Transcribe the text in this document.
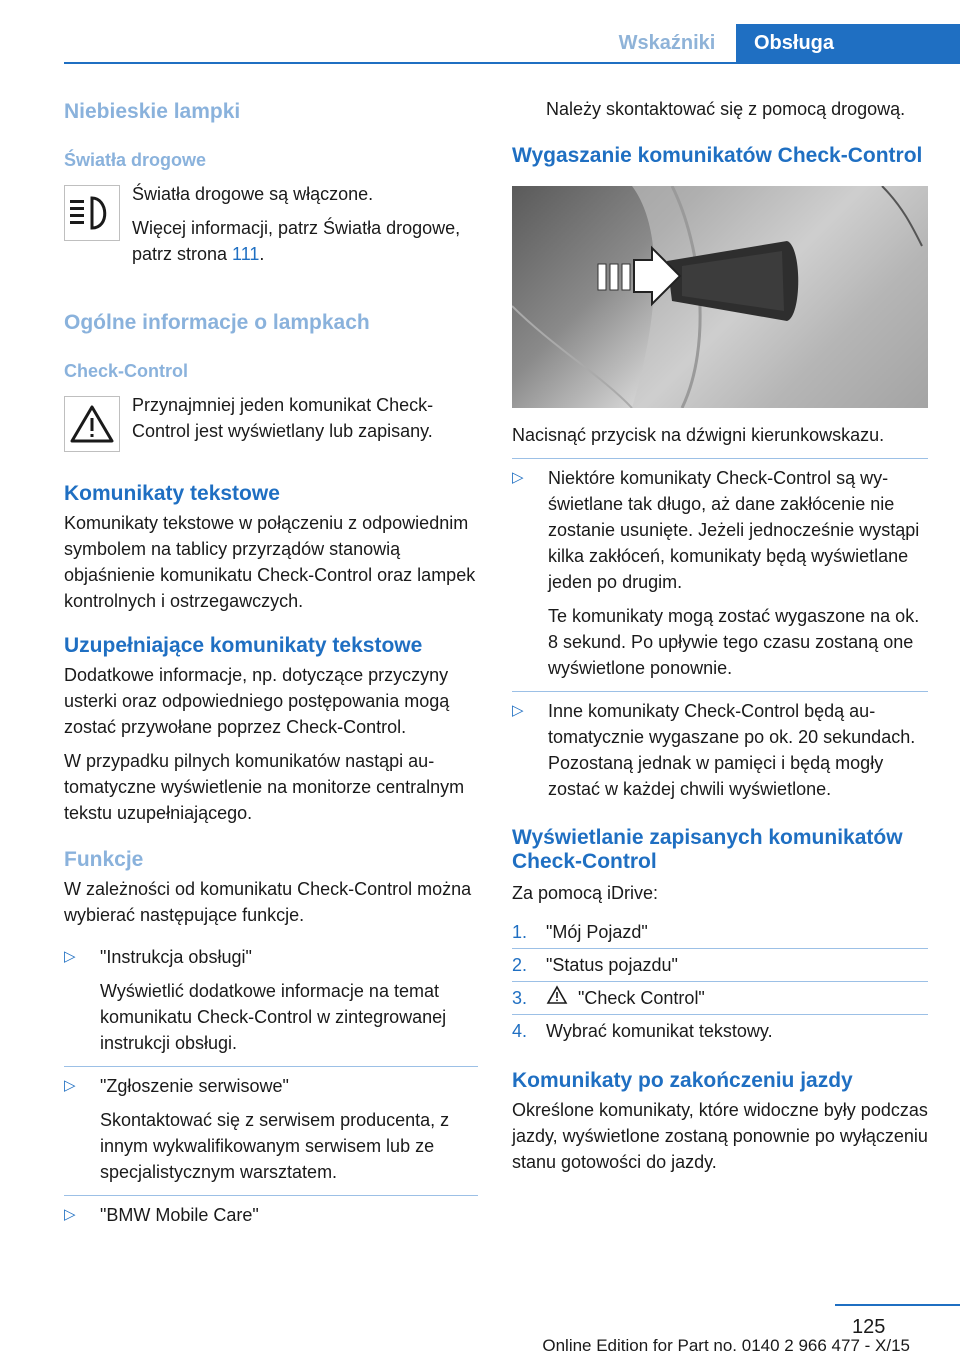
Wskaźniki	Obsługa
Niebieskie lampki
Światła drogowe

Światła drogowe są włączone.

Więcej informacji, patrz Światła drogowe, patrz strona 111.

Ogólne informacje o lampkach
Check-Control

Przynajmniej jeden komunikat Check-Control jest wyświetlany lub zapisany.

Komunikaty tekstowe

Komunikaty tekstowe w połączeniu z odpowiednim symbolem na tablicy przyrządów stanowią objaśnienie komunikatu Check-Control oraz lampek kontrolnych i ostrzegawczych.

Uzupełniające komunikaty tekstowe

Dodatkowe informacje, np. dotyczące przyczyny usterki oraz odpowiedniego postępowania mogą zostać przywołane poprzez Check-Control.

W przypadku pilnych komunikatów nastąpi automatyczne wyświetlenie na monitorze centralnym tekstu uzupełniającego.

Funkcje

W zależności od komunikatu Check-Control można wybierać następujące funkcje.

▷	"Instrukcja obsługi"

Wyświetlić dodatkowe informacje na temat komunikatu Check-Control w zintegrowanej instrukcji obsługi.

▷	"Zgłoszenie serwisowe"

Skontaktować się z serwisem producenta, z innym wykwalifikowanym serwisem lub ze specjalistycznym warsztatem.

▷	"BMW Mobile Care"

Należy skontaktować się z pomocą drogową.

Wygaszanie komunikatów Check-Control

Nacisnąć przycisk na dźwigni kierunkowskazu.

▷	Niektóre komunikaty Check-Control są wyświetlane tak długo, aż dane zakłócenie nie zostanie usunięte. Jeżeli jednocześnie wystąpi kilka zakłóceń, komunikaty będą wyświetlane jeden po drugim.

Te komunikaty mogą zostać wygaszone na ok. 8 sekund. Po upływie tego czasu zostaną one wyświetlone ponownie.

▷	Inne komunikaty Check-Control będą automatycznie wygaszane po ok. 20 sekundach. Pozostaną jednak w pamięci i będą mogły zostać w każdej chwili wyświetlone.

Wyświetlanie zapisanych komunikatów Check-Control

Za pomocą iDrive:

1.	"Mój Pojazd"

2.	"Status pojazdu"

3.	"Check Control"

4.	Wybrać komunikat tekstowy.

Komunikaty po zakończeniu jazdy

Określone komunikaty, które widoczne były podczas jazdy, wyświetlone zostaną ponownie po wyłączeniu stanu gotowości do jazdy.

125
Online Edition for Part no. 0140 2 966 477 - X/15
